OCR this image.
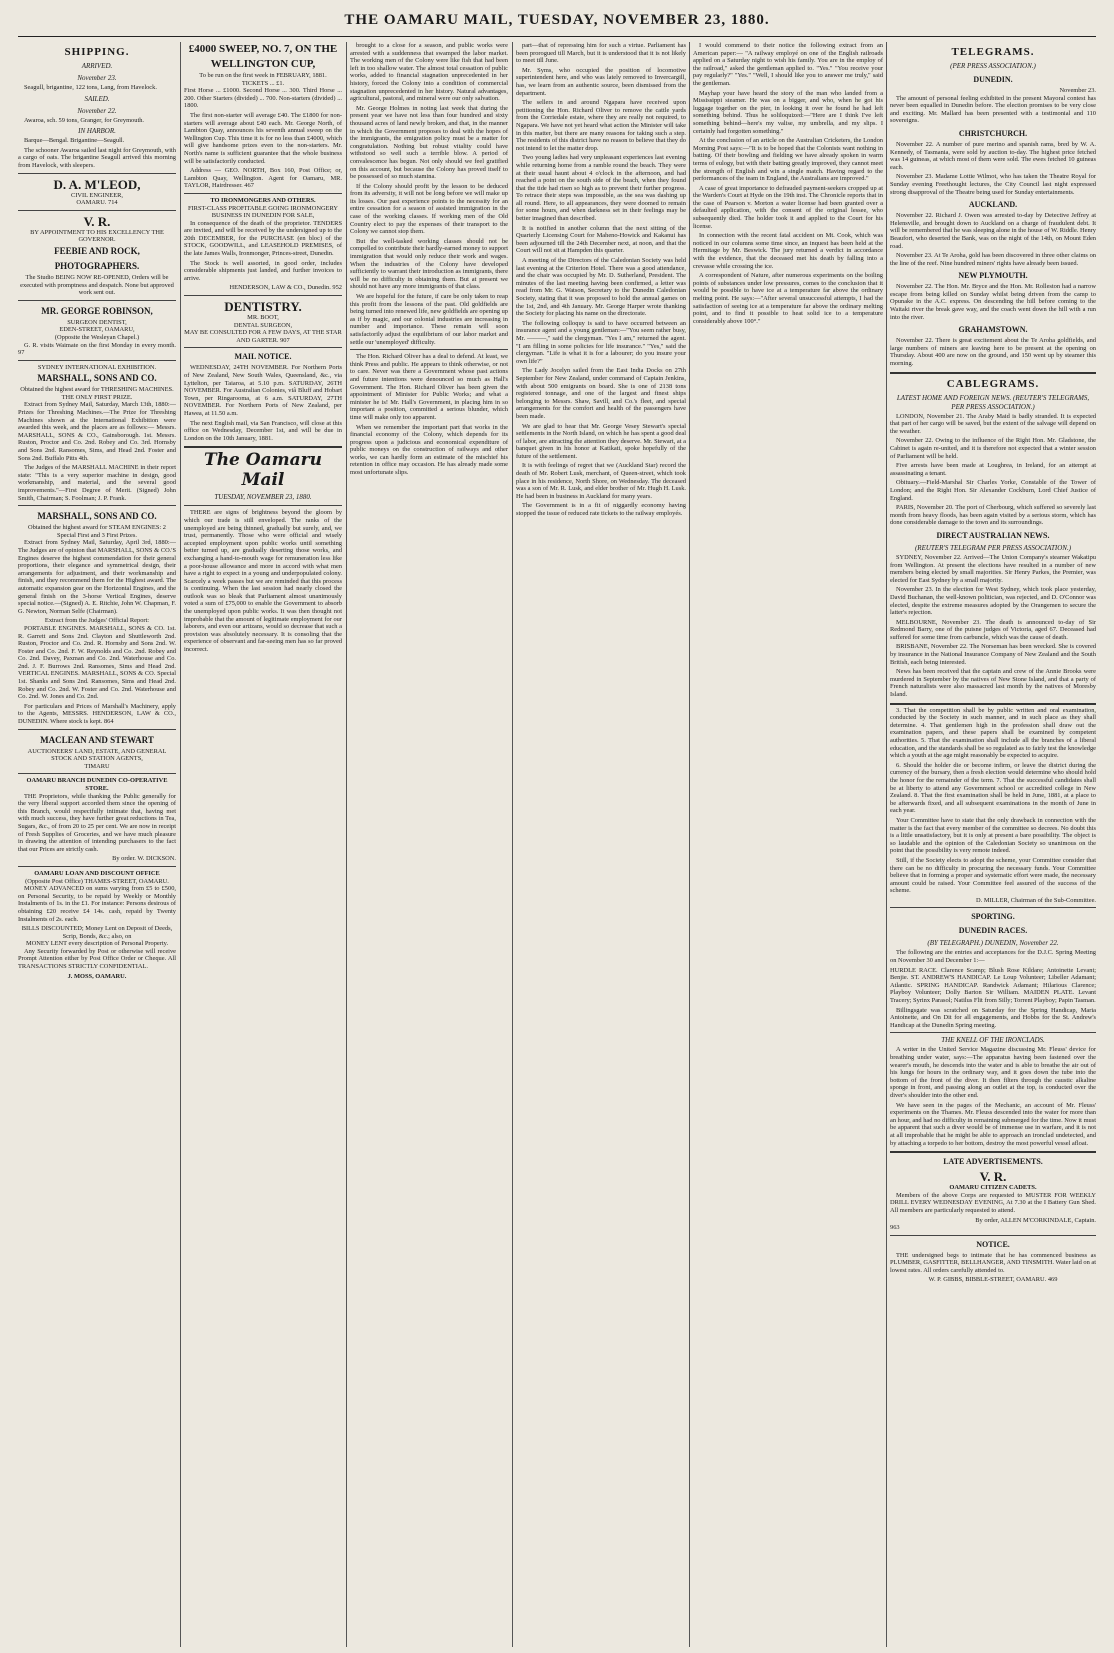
THE OAMARU MAIL, TUESDAY, NOVEMBER 23, 1880.
SHIPPING.
ARRIVED.
November 23.

Seagull, brigantine, 122 tons, Lang, from Havelock.

SAILED.
November 22.

Awaroa, sch. 59 tons, Granger, for Greymouth.

IN HARBOR.

Barque—Bengal. Brigantine—Seagull.

The schooner Awaroa sailed last night for Greymouth, with a cargo of oats. The brigantine Seagull arrived this morning from Havelock, with sleepers.

D. A. M'LEOD,
CIVIL ENGINEER,
OAMARU. 714
V. R.
BY APPOINTMENT TO HIS EXCELLENCY THE GOVERNOR.
FEEBIE AND ROCK, PHOTOGRAPHERS.
The Studio BEING NOW RE-OPENED, Orders will be executed with promptness and despatch. None but approved work sent out.
MR. GEORGE ROBINSON,
SURGEON DENTIST,
EDEN-STREET, OAMARU,
(Opposite the Wesleyan Chapel.)

G. R. visits Waimate on the first Monday in every month. 97

SYDNEY INTERNATIONAL EXHIBITION.
MARSHALL, SONS AND CO.
Obtained the highest award for THRESHING MACHINES. THE ONLY FIRST PRIZE.

Extract from Sydney Mail, Saturday, March 13th, 1880:— Prizes for Threshing Machines.—The Prize for Threshing Machines shown at the International Exhibition were awarded this week, and the places are as follows:— Messrs. MARSHALL, SONS & CO., Gainsborough. 1st. Messrs. Ruston, Proctor and Co. 2nd. Robey and Co. 3rd. Hornsby and Sons 2nd. Ransomes, Sims, and Head 2nd. Foster and Sons 2nd. Buffalo Pitts 4th.

The Judges of the MARSHALL MACHINE in their report state: "This is a very superior machine in design, good workmanship, and material, and the several good improvements."—First Degree of Merit. (Signed) John Smith, Chairman; S. Foolman; J. P. Frank.

MARSHALL, SONS AND CO.
Obtained the highest award for STEAM ENGINES: 2 Special First and 3 First Prizes.

Extract from Sydney Mail, Saturday, April 3rd, 1880:— The Judges are of opinion that MARSHALL, SONS & CO.'S Engines deserve the highest commendation for their general proportions, their elegance and symmetrical design, their arrangements for adjustment, and their workmanship and finish, and they recommend them for the Highest award. The automatic expansion gear on the Horizontal Engines, and the general finish on the 3-horse Vertical Engines, deserve special notice.—(Signed) A. E. Ritchie, John W. Chapman, F. G. Newton, Norman Selfe (Chairman).

Extract from the Judges' Official Report:

PORTABLE ENGINES. MARSHALL, SONS & CO. 1st. R. Garrett and Sons 2nd. Clayton and Shuttleworth 2nd. Ruston, Proctor and Co. 2nd. R. Hornsby and Sons 2nd. W. Foster and Co. 2nd. F. W. Reynolds and Co. 2nd. Robey and Co. 2nd. Davey, Paxman and Co. 2nd. Waterhouse and Co. 2nd. J. F. Burrows 2nd. Ransomes, Sims and Head 2nd. VERTICAL ENGINES. MARSHALL, SONS & CO. Special 1st. Shanks and Sons 2nd. Ransomes, Sims and Head 2nd. Robey and Co. 2nd. W. Foster and Co. 2nd. Waterhouse and Co. 2nd. W. Jones and Co. 2nd.

For particulars and Prices of Marshall's Machinery, apply to the Agents, MESSRS. HENDERSON, LAW & CO., DUNEDIN. Where stock is kept. 864

MACLEAN AND STEWART
AUCTIONEERS' LAND, ESTATE, AND GENERAL STOCK AND STATION AGENTS,
TIMARU
OAMARU BRANCH DUNEDIN CO-OPERATIVE STORE.

THE Proprietors, while thanking the Public generally for the very liberal support accorded them since the opening of this Branch, would respectfully intimate that, having met with much success, they have further great reductions in Tea, Sugars, &c., of from 20 to 25 per cent. We are now in receipt of Fresh Supplies of Groceries, and we have much pleasure in drawing the attention of intending purchasers to the fact that our Prices are strictly cash.

By order. W. DICKSON.
OAMARU LOAN AND DISCOUNT OFFICE
(Opposite Post Office) THAMES-STREET, OAMARU.

MONEY ADVANCED on sums varying from £5 to £500, on Personal Security, to be repaid by Weekly or Monthly Instalments of 1s. in the £1. For instance: Persons desirous of obtaining £20 receive £4 14s. cash, repaid by Twenty Instalments of 2s. each.

BILLS DISCOUNTED; Money Lent on Deposit of Deeds, Scrip, Bonds, &c.; also, on
MONEY LENT every description of Personal Property.

Any Security forwarded by Post or otherwise will receive Prompt Attention either by Post Office Order or Cheque. All TRANSACTIONS STRICTLY CONFIDENTIAL.

J. MOSS, OAMARU.
£4000 SWEEP, NO. 7, ON THE WELLINGTON CUP,
To be run on the first week in FEBRUARY, 1881.
TICKETS ... £1.

First Horse ... £1000. Second Horse ... 300. Third Horse ... 200. Other Starters (divided) ... 700. Non-starters (divided) ... 1800.

The first non-starter will average £40. The £1800 for non-starters will average about £40 each. Mr. George North, of Lambton Quay, announces his seventh annual sweep on the Wellington Cup. This time it is for no less than £4000, which will give handsome prizes even to the non-starters. Mr. North's name is sufficient guarantee that the whole business will be satisfactorily conducted.

Address — GEO. NORTH, Box 160, Post Office; or, Lambton Quay, Wellington. Agent for Oamaru, MR. TAYLOR, Hairdresser. 467

TO IRONMONGERS AND OTHERS.
FIRST-CLASS PROFITABLE GOING IRONMONGERY BUSINESS IN DUNEDIN FOR SALE,

In consequence of the death of the proprietor. TENDERS are invited, and will be received by the undersigned up to the 20th DECEMBER, for the PURCHASE (en bloc) of the STOCK, GOODWILL, and LEASEHOLD PREMISES, of the late James Walls, Ironmonger, Princes-street, Dunedin.

The Stock is well assorted, in good order, includes considerable shipments just landed, and further invoices to arrive.

HENDERSON, LAW & CO., Dunedin. 952
DENTISTRY.
MR. BOOT,
DENTAL SURGEON,
MAY BE CONSULTED FOR A FEW DAYS, AT THE STAR AND GARTER. 907
MAIL NOTICE.

WEDNESDAY, 24TH NOVEMBER. For Northern Ports of New Zealand, New South Wales, Queensland, &c., via Lyttelton, per Taiaroa, at 5.10 p.m. SATURDAY, 26TH NOVEMBER. For Australian Colonies, viâ Bluff and Hobart Town, per Ringarooma, at 6 a.m. SATURDAY, 27TH NOVEMBER. For Northern Ports of New Zealand, per Hawea, at 11.50 a.m.

The next English mail, via San Francisco, will close at this office on Wednesday, December 1st, and will be due in London on the 10th January, 1881.

The Oamaru Mail
TUESDAY, NOVEMBER 23, 1880.

THERE are signs of brightness beyond the gloom by which our trade is still enveloped. The ranks of the unemployed are being thinned, gradually but surely, and, we trust, permanently. Those who were official and wisely accepted employment upon public works until something better turned up, are gradually deserting those works, and exchanging a hand-to-mouth wage for remuneration less like a poor-house allowance and more in accord with what men have a right to expect in a young and underpopulated colony. Scarcely a week passes but we are reminded that this process is continuing. When the last session had nearly closed the outlook was so bleak that Parliament almost unanimously voted a sum of £75,000 to enable the Government to absorb the unemployed upon public works. It was then thought not improbable that the amount of legitimate employment for our laborers, and even our artizans, would so decrease that such a provision was absolutely necessary. It is consoling that the experience of observant and far-seeing men has so far proved incorrect.

brought to a close for a season, and public works were arrested with a suddenness that swamped the labor market. The working men of the Colony were like fish that had been left in too shallow water. The almost total cessation of public works, added to financial stagnation unprecedented in her history, forced the Colony into a condition of commercial stagnation unprecedented in her history. Natural advantages, agricultural, pastoral, and mineral were our only salvation.

Mr. George Holmes in noting last week that during the present year we have not less than four hundred and sixty thousand acres of land newly broken, and that, in the manner in which the Government proposes to deal with the hopes of the immigrants, the emigration policy must be a matter for congratulation. Nothing but robust vitality could have withstood so well such a terrible blow. A period of convalescence has begun. Not only should we feel gratified on this account, but because the Colony has proved itself to be possessed of so much stamina.

If the Colony should profit by the lesson to be deduced from its adversity, it will not be long before we will make up its losses. Our past experience points to the necessity for an entire cessation for a season of assisted immigration in the case of the working classes. If working men of the Old Country elect to pay the expenses of their transport to the Colony we cannot stop them.

But the well-tasked working classes should not be compelled to contribute their hardly-earned money to support immigration that would only reduce their work and wages. When the industries of the Colony have developed sufficiently to warrant their introduction as immigrants, there will be no difficulty in obtaining them. But at present we should not have any more immigrants of that class.

We are hopeful for the future, if care be only taken to reap this profit from the lessons of the past. Old goldfields are being turned into renewed life, new goldfields are opening up as if by magic, and our colonial industries are increasing in number and importance. These remain will soon satisfactorily adjust the equilibrium of our labor market and settle our 'unemployed' difficulty.

The Hon. Richard Oliver has a deal to defend. At least, we think Press and public. He appears to think otherwise, or not to care. Never was there a Government whose past actions and future intentions were denounced so much as Hall's Government. The Hon. Richard Oliver has been given the appointment of Minister for Public Works; and what a minister he is! Mr. Hall's Government, in placing him in so important a position, committed a serious blunder, which time will make only too apparent.

When we remember the important part that works in the financial economy of the Colony, which depends for its progress upon a judicious and economical expenditure of public moneys on the construction of railways and other works, we can hardly form an estimate of the mischief his retention in office may occasion. He has already made some most unfortunate slips.

part—that of repressing him for such a virtue. Parliament has been prorogued till March, but it is understood that it is not likely to meet till June.

Mr. Syms, who occupied the position of locomotive superintendent here, and who was lately removed to Invercargill, has, we learn from an authentic source, been dismissed from the department.

The sellers in and around Ngapara have received upon petitioning the Hon. Richard Oliver to remove the cattle yards from the Corriedale estate, where they are really not required, to Ngapara. We have not yet heard what action the Minister will take in this matter, but there are many reasons for taking such a step. The residents of this district have no reason to believe that they do not intend to let the matter drop.

Two young ladies had very unpleasant experiences last evening while returning home from a ramble round the beach. They were at their usual haunt about 4 o'clock in the afternoon, and had reached a point on the south side of the beach, when they found that the tide had risen so high as to prevent their further progress. To retrace their steps was impossible, as the sea was dashing up all round. Here, to all appearances, they were doomed to remain for some hours, and when darkness set in their feelings may be better imagined than described.

It is notified in another column that the next sitting of the Quarterly Licensing Court for Maheno-Howick and Kakanui has been adjourned till the 24th December next, at noon, and that the Court will not sit at Hampden this quarter.

A meeting of the Directors of the Caledonian Society was held last evening at the Criterion Hotel. There was a good attendance, and the chair was occupied by Mr. D. Sutherland, President. The minutes of the last meeting having been confirmed, a letter was read from Mr. G. Watson, Secretary to the Dunedin Caledonian Society, stating that it was proposed to hold the annual games on the 1st, 2nd, and 4th January. Mr. George Harper wrote thanking the Society for placing his name on the directorate.

The following colloquy is said to have occurred between an insurance agent and a young gentleman:—"You seem rather busy, Mr. ———," said the clergyman. "Yes I am," returned the agent. "I am filling in some policies for life insurance." "Yes," said the clergyman. "Life is what it is for a labourer; do you insure your own life?"

The Lady Jocelyn sailed from the East India Docks on 27th September for New Zealand, under command of Captain Jenkins, with about 500 emigrants on board. She is one of 2138 tons registered tonnage, and one of the largest and finest ships belonging to Messrs. Shaw, Savill, and Co.'s fleet, and special arrangements for the comfort and health of the passengers have been made.

We are glad to hear that Mr. George Vesey Stewart's special settlements in the North Island, on which he has spent a good deal of labor, are attracting the attention they deserve. Mr. Stewart, at a banquet given in his honor at Katikati, spoke hopefully of the future of the settlement.

It is with feelings of regret that we (Auckland Star) record the death of Mr. Robert Lusk, merchant, of Queen-street, which took place in his residence, North Shore, on Wednesday. The deceased was a son of Mr. R. Lusk, and elder brother of Mr. Hugh H. Lusk. He had been in business in Auckland for many years.

The Government is in a fit of niggardly economy having stopped the issue of reduced rate tickets to the railway employés.

I would commend to their notice the following extract from an American paper:— "A railway employé on one of the English railroads applied on a Saturday night to wish his family. You are in the employ of the railroad," asked the gentleman applied to. "Yes." "You receive your pay regularly?" "Yes." "Well, I should like you to answer me truly," said the gentleman.

Mayhap your have heard the story of the man who landed from a Mississippi steamer. He was on a bigger, and who, when he got his luggage together on the pier, in looking it over he found he had left something behind. Thus he soliloquized:—"Here are I think I've left something behind—here's my valise, my umbrella, and my slips. I certainly had forgotten something."

At the conclusion of an article on the Australian Cricketers, the London Morning Post says:—"It is to be hoped that the Colonists want nothing in batting. Of their bowling and fielding we have already spoken in warm terms of eulogy, but with their batting greatly improved, they cannot meet the strength of English and win a single match. Having regard to the performances of the team in England, the Australians are improved."

A case of great importance to defrauded payment-seekers cropped up at the Warden's Court at Hyde on the 19th inst. The Chronicle reports that in the case of Pearson v. Morton a water license had been granted over a defaulted application, with the consent of the original lessee, who subsequently died. The holder took it and applied to the Court for his license.

In connection with the recent fatal accident on Mt. Cook, which was noticed in our columns some time since, an inquest has been held at the Hermitage by Mr. Beswick. The jury returned a verdict in accordance with the evidence, that the deceased met his death by falling into a crevasse while crossing the ice.

A correspondent of Nature, after numerous experiments on the boiling points of substances under low pressures, comes to the conclusion that it would be possible to have ice at a temperature far above the ordinary melting point. He says:—"After several unsuccessful attempts, I had the satisfaction of seeing ice at a temperature far above the ordinary melting point, and to find it possible to heat solid ice to a temperature considerably above 100°."

TELEGRAMS.
(PER PRESS ASSOCIATION.)
DUNEDIN.
November 23.

The amount of personal feeling exhibited in the present Mayoral contest has never been equalled in Dunedin before. The election promises to be very close and exciting. Mr. Mallard has been presented with a testimonial and 110 sovereigns.

CHRISTCHURCH.

November 22. A number of pure merino and spanish rams, bred by W. A. Kennedy, of Tasmania, were sold by auction to-day. The highest price fetched was 14 guineas, at which most of them were sold. The ewes fetched 10 guineas each.

November 23. Madame Lottie Wilmot, who has taken the Theatre Royal for Sunday evening Freethought lectures, the City Council last night expressed strong disapproval of the Theatre being used for Sunday entertainments.

AUCKLAND.

November 22. Richard J. Owen was arrested to-day by Detective Jeffrey at Helensville, and brought down to Auckland on a charge of fraudulent debt. It will be remembered that he was sleeping alone in the house of W. Riddle. Henry Beaufort, who deserted the Bank, was on the night of the 14th, on Mount Eden road.

November 23. At Te Aroha, gold has been discovered in three other claims on the line of the reef. Nine hundred miners' rights have already been issued.

NEW PLYMOUTH.

November 22. The Hon. Mr. Bryce and the Hon. Mr. Rolleston had a narrow escape from being killed on Sunday whilst being driven from the camp to Opunake in the A.C. express. On descending the hill before coming to the Waitaki river the break gave way, and the coach went down the hill with a run into the river.

GRAHAMSTOWN.

November 22. There is great excitement about the Te Aroha goldfields, and large numbers of miners are leaving here to be present at the opening on Thursday. About 400 are now on the ground, and 150 went up by steamer this morning.

CABLEGRAMS.
LATEST HOME AND FOREIGN NEWS. (REUTER'S TELEGRAMS, PER PRESS ASSOCIATION.)

LONDON, November 21. The Araby Maid is badly stranded. It is expected that part of her cargo will be saved, but the extent of the salvage will depend on the weather.

November 22. Owing to the influence of the Right Hon. Mr. Gladstone, the Cabinet is again re-united, and it is therefore not expected that a winter session of Parliament will be held.

Five arrests have been made at Loughrea, in Ireland, for an attempt at assassinating a tenant.

Obituary.—Field-Marshal Sir Charles Yorke, Constable of the Tower of London; and the Right Hon. Sir Alexander Cockburn, Lord Chief Justice of England.

PARIS, November 20. The port of Cherbourg, which suffered so severely last month from heavy floods, has been again visited by a serious storm, which has done considerable damage to the town and its surroundings.

DIRECT AUSTRALIAN NEWS.
(REUTER'S TELEGRAM PER PRESS ASSOCIATION.)

SYDNEY, November 22. Arrived—The Union Company's steamer Wakatipu from Wellington. At present the elections have resulted in a number of new members being elected by small majorities. Sir Henry Parkes, the Premier, was elected for East Sydney by a small majority.

November 23. In the election for West Sydney, which took place yesterday, David Buchanan, the well-known politician, was rejected, and D. O'Connor was elected, despite the extreme measures adopted by the Orangemen to secure the latter's rejection.

MELBOURNE, November 23. The death is announced to-day of Sir Redmond Barry, one of the puisne judges of Victoria, aged 67. Deceased had suffered for some time from carbuncle, which was the cause of death.

BRISBANE, November 22. The Norseman has been wrecked. She is covered by insurance in the National Insurance Company of New Zealand and the South British, each being interested.

News has been received that the captain and crew of the Annie Brooks were murdered in September by the natives of New Stone Island, and that a party of French naturalists were also massacred last month by the natives of Moresby Island.

3. That the competition shall be by public written and oral examination, conducted by the Society in such manner, and in such place as they shall determine. 4. That gentlemen high in the profession shall draw out the examination papers, and these papers shall be examined by competent authorities. 5. That the examination shall include all the branches of a liberal education, and the standards shall be so regulated as to fairly test the knowledge which a youth at the age might reasonably be expected to acquire.

6. Should the holder die or become infirm, or leave the district during the currency of the bursary, then a fresh election would determine who should hold the honor for the remainder of the term. 7. That the successful candidates shall be at liberty to attend any Government school or accredited college in New Zealand. 8. That the first examination shall be held in June, 1881, at a place to be afterwards fixed, and all subsequent examinations in the month of June in each year.

Your Committee have to state that the only drawback in connection with the matter is the fact that every member of the committee so decrees. No doubt this is a little unsatisfactory, but it is only at present a bare possibility. The object is so laudable and the opinion of the Caledonian Society so unanimous on the point that the possibility is very remote indeed.

Still, if the Society elects to adopt the scheme, your Committee consider that there can be no difficulty in procuring the necessary funds. Your Committee believe that in forming a proper and systematic effort were made, the necessary amount could be raised. Your Committee feel assured of the success of the scheme.

D. MILLER, Chairman of the Sub-Committee.
SPORTING.
DUNEDIN RACES.
(BY TELEGRAPH.) DUNEDIN, November 22.

The following are the entries and acceptances for the D.J.C. Spring Meeting on November 30 and December 1:—

HURDLE RACE. Clarence Scamp; Blush Rose Kildare; Antoinette Levant; Benjie. ST. ANDREW'S HANDICAP. Le Loup Volunteer; Libeller Adamant; Atlantic. SPRING HANDICAP. Randwick Adamant; Hilarious Clarence; Playboy Volunteer; Dolly Barton Sir William. MAIDEN PLATE. Levant Tracery; Syrinx Parasol; Natilus Flit from Silly; Torrent Playboy; Papin Tasman.

Billingsgate was scratched on Saturday for the Spring Handicap, Maria Antoinette, and On Dit for all engagements, and Hobbs for the St. Andrew's Handicap at the Dunedin Spring meeting.

THE KNELL OF THE IRONCLADS.

A writer in the United Service Magazine discussing Mr. Fleuss' device for breathing under water, says:—The apparatus having been fastened over the wearer's mouth, he descends into the water and is able to breathe the air out of his lungs for hours in the ordinary way, and it goes down the tube into the bottom of the front of the diver. It then filters through the caustic alkaline sponge in front, and passing along an outlet at the top, is conducted over the diver's shoulder into the other end.

We have seen in the pages of the Mechanic, an account of Mr. Fleuss' experiments on the Thames. Mr. Fleuss descended into the water for more than an hour, and had no difficulty in remaining submerged for the time. Now it must be apparent that such a diver would be of immense use in warfare, and it is not at all improbable that he might be able to approach an ironclad undetected, and by attaching a torpedo to her bottom, destroy the most powerful vessel afloat.

LATE ADVERTISEMENTS.
V. R.
OAMARU CITIZEN CADETS.

Members of the above Corps are requested to MUSTER FOR WEEKLY DRILL EVERY WEDNESDAY EVENING, At 7.30 at the I Battery Gun Shed. All members are particularly requested to attend.

By order, ALLEN M'CORKINDALE, Captain.
963
NOTICE.

THE undersigned begs to intimate that he has commenced business as PLUMBER, GASFITTER, BELLHANGER, AND TINSMITH. Water laid on at lowest rates. All orders carefully attended to.

W. P. GIBBS, BIBBLE-STREET, OAMARU. 469
